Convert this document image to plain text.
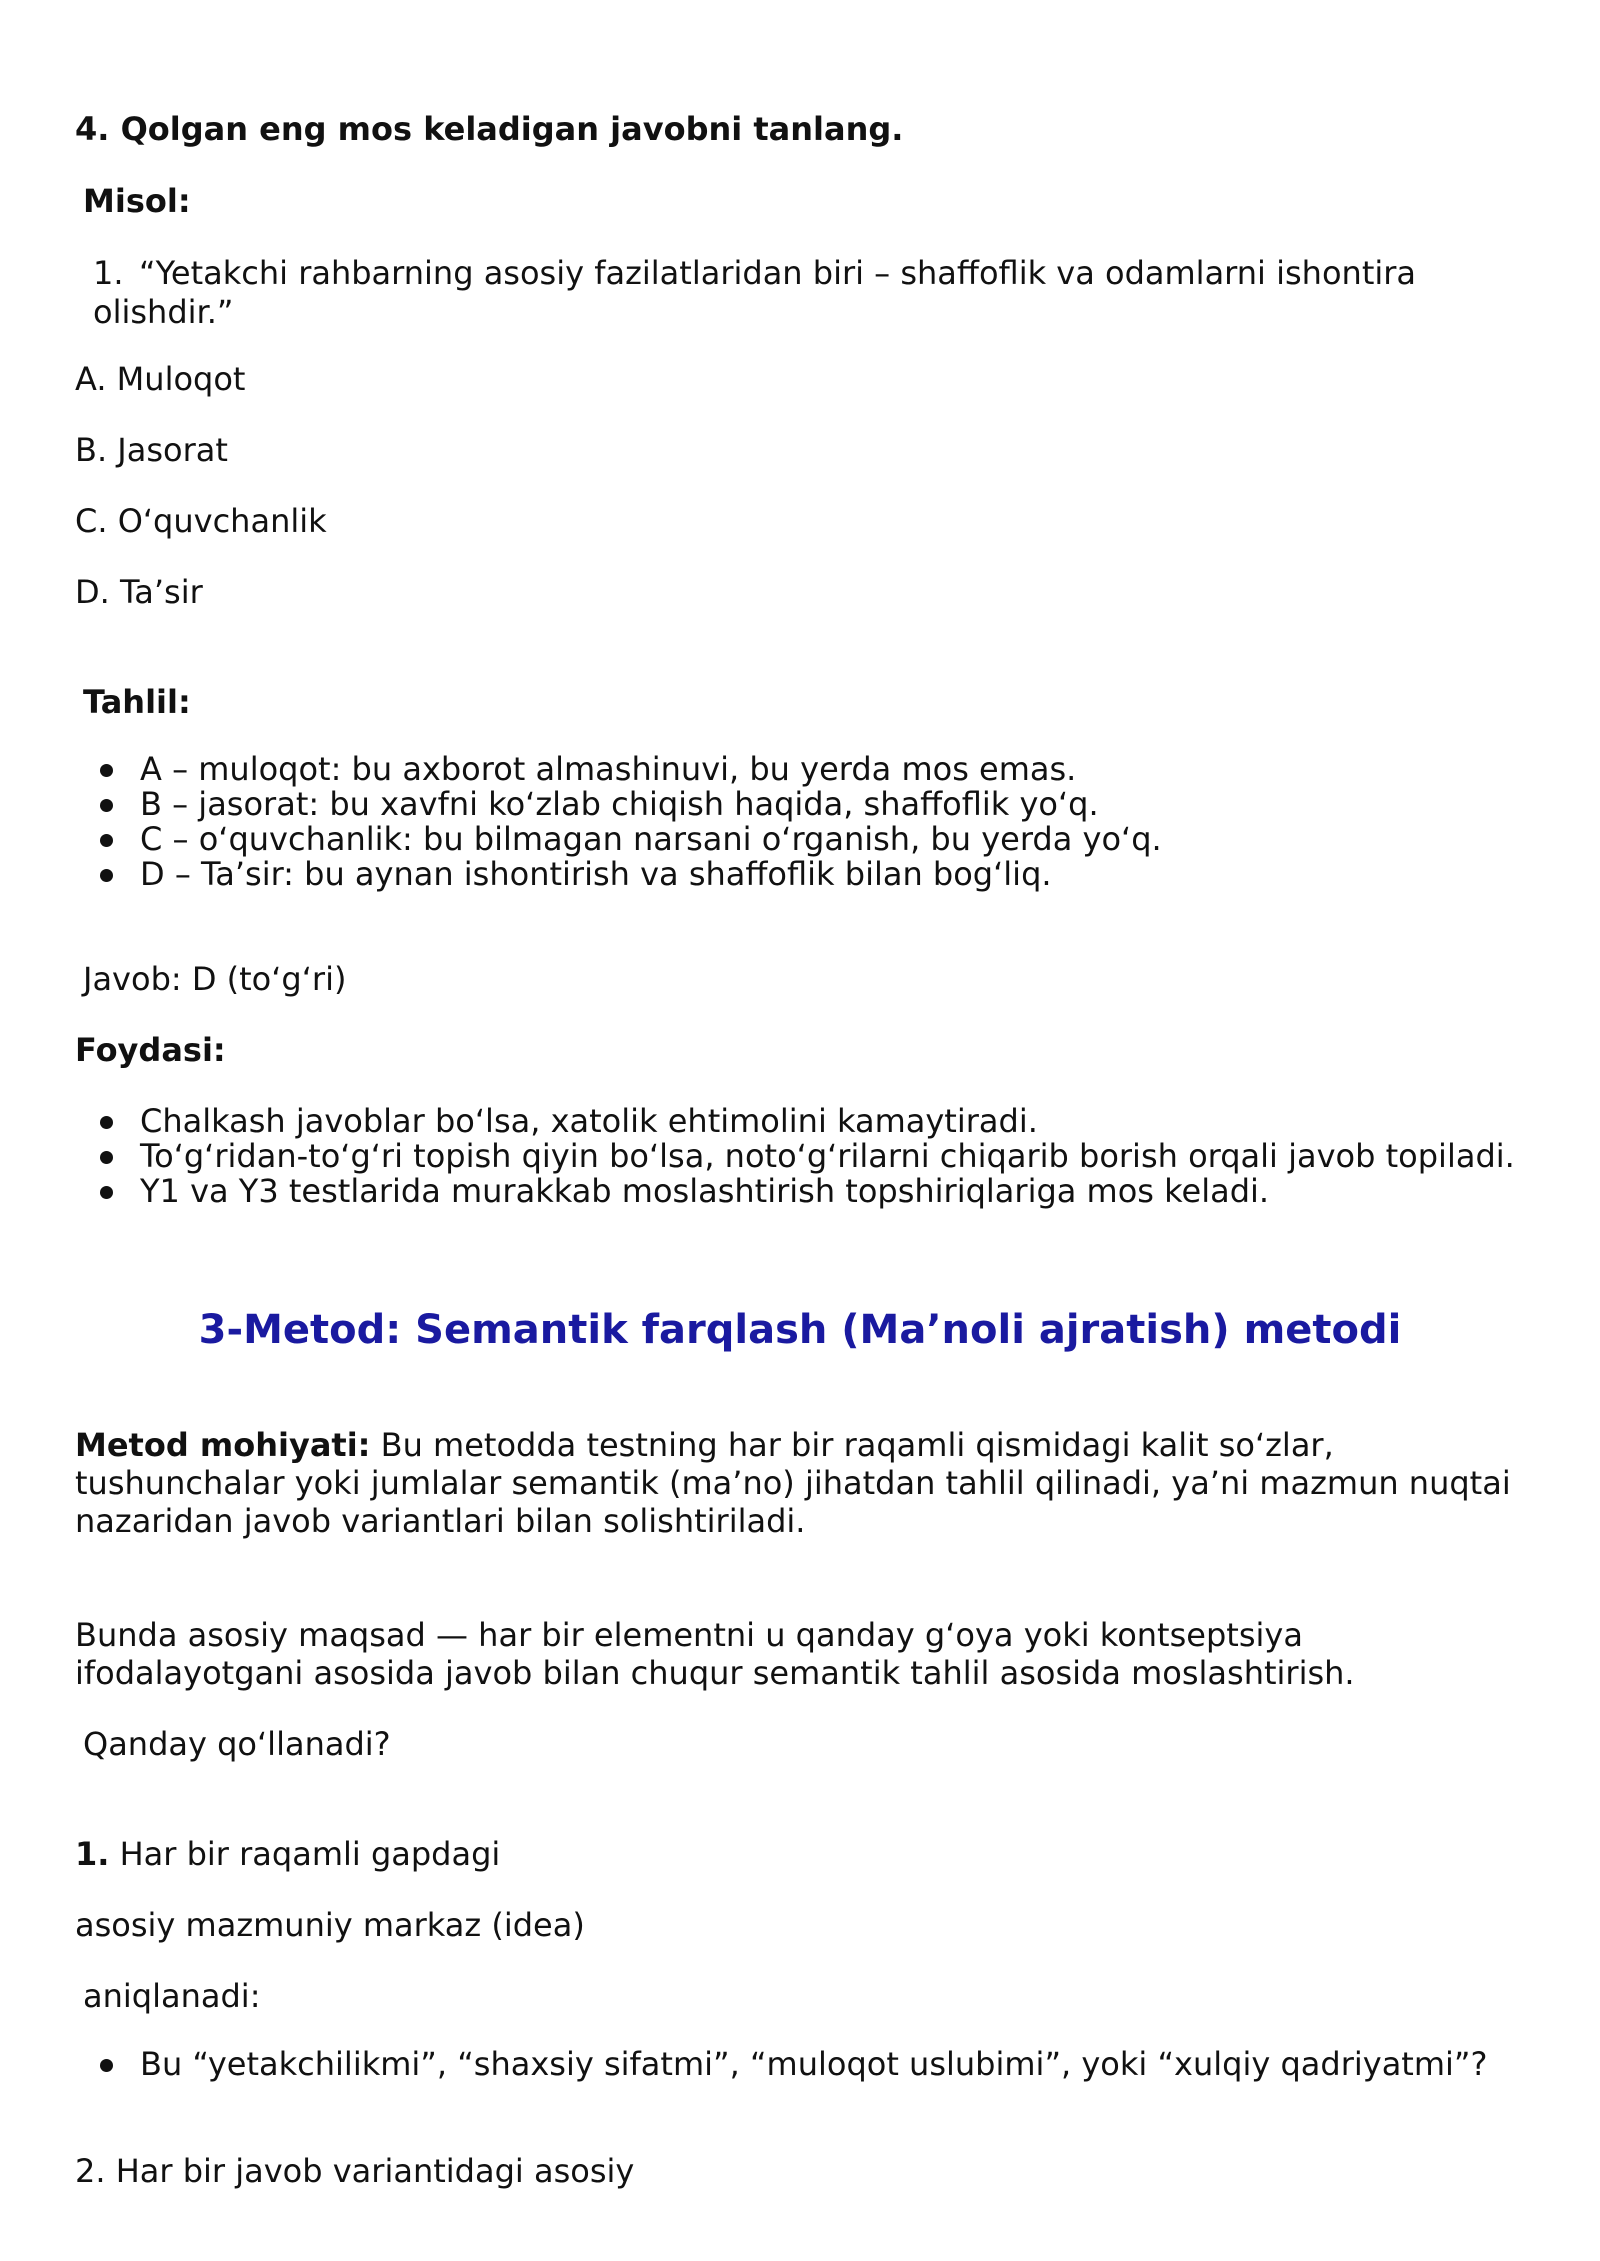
4. Qolgan eng mos keladigan javobni tanlang.

Misol:

1. “Yetakchi rahbarning asosiy fazilatlaridan biri – shaffoflik va odamlarni ishontira olishdir.”

A. Muloqot

B. Jasorat

C. O‘quvchanlik

D. Ta’sir

Tahlil:

A – muloqot: bu axborot almashinuvi, bu yerda mos emas.
B – jasorat: bu xavfni ko‘zlab chiqish haqida, shaffoflik yo‘q.
C – o‘quvchanlik: bu bilmagan narsani o‘rganish, bu yerda yo‘q.
D – Ta’sir: bu aynan ishontirish va shaffoflik bilan bog‘liq.

Javob: D (to‘g‘ri)

Foydasi:

Chalkash javoblar bo‘lsa, xatolik ehtimolini kamaytiradi.
To‘g‘ridan-to‘g‘ri topish qiyin bo‘lsa, noto‘g‘rilarni chiqarib borish orqali javob topiladi.
Y1 va Y3 testlarida murakkab moslashtirish topshiriqlariga mos keladi.
3-Metod: Semantik farqlash (Ma’noli ajratish) metodi

Metod mohiyati: Bu metodda testning har bir raqamli qismidagi kalit so‘zlar, tushunchalar yoki jumlalar semantik (ma’no) jihatdan tahlil qilinadi, ya’ni mazmun nuqtai nazaridan javob variantlari bilan solishtiriladi.

Bunda asosiy maqsad — har bir elementni u qanday g‘oya yoki kontseptsiya ifodalayotgani asosida javob bilan chuqur semantik tahlil asosida moslashtirish.

Qanday qo‘llanadi?

1. Har bir raqamli gapdagi

asosiy mazmuniy markaz (idea)

aniqlanadi:

Bu “yetakchilikmi”, “shaxsiy sifatmi”, “muloqot uslubimi”, yoki “xulqiy qadriyatmi”?

2. Har bir javob variantidagi asosiy
